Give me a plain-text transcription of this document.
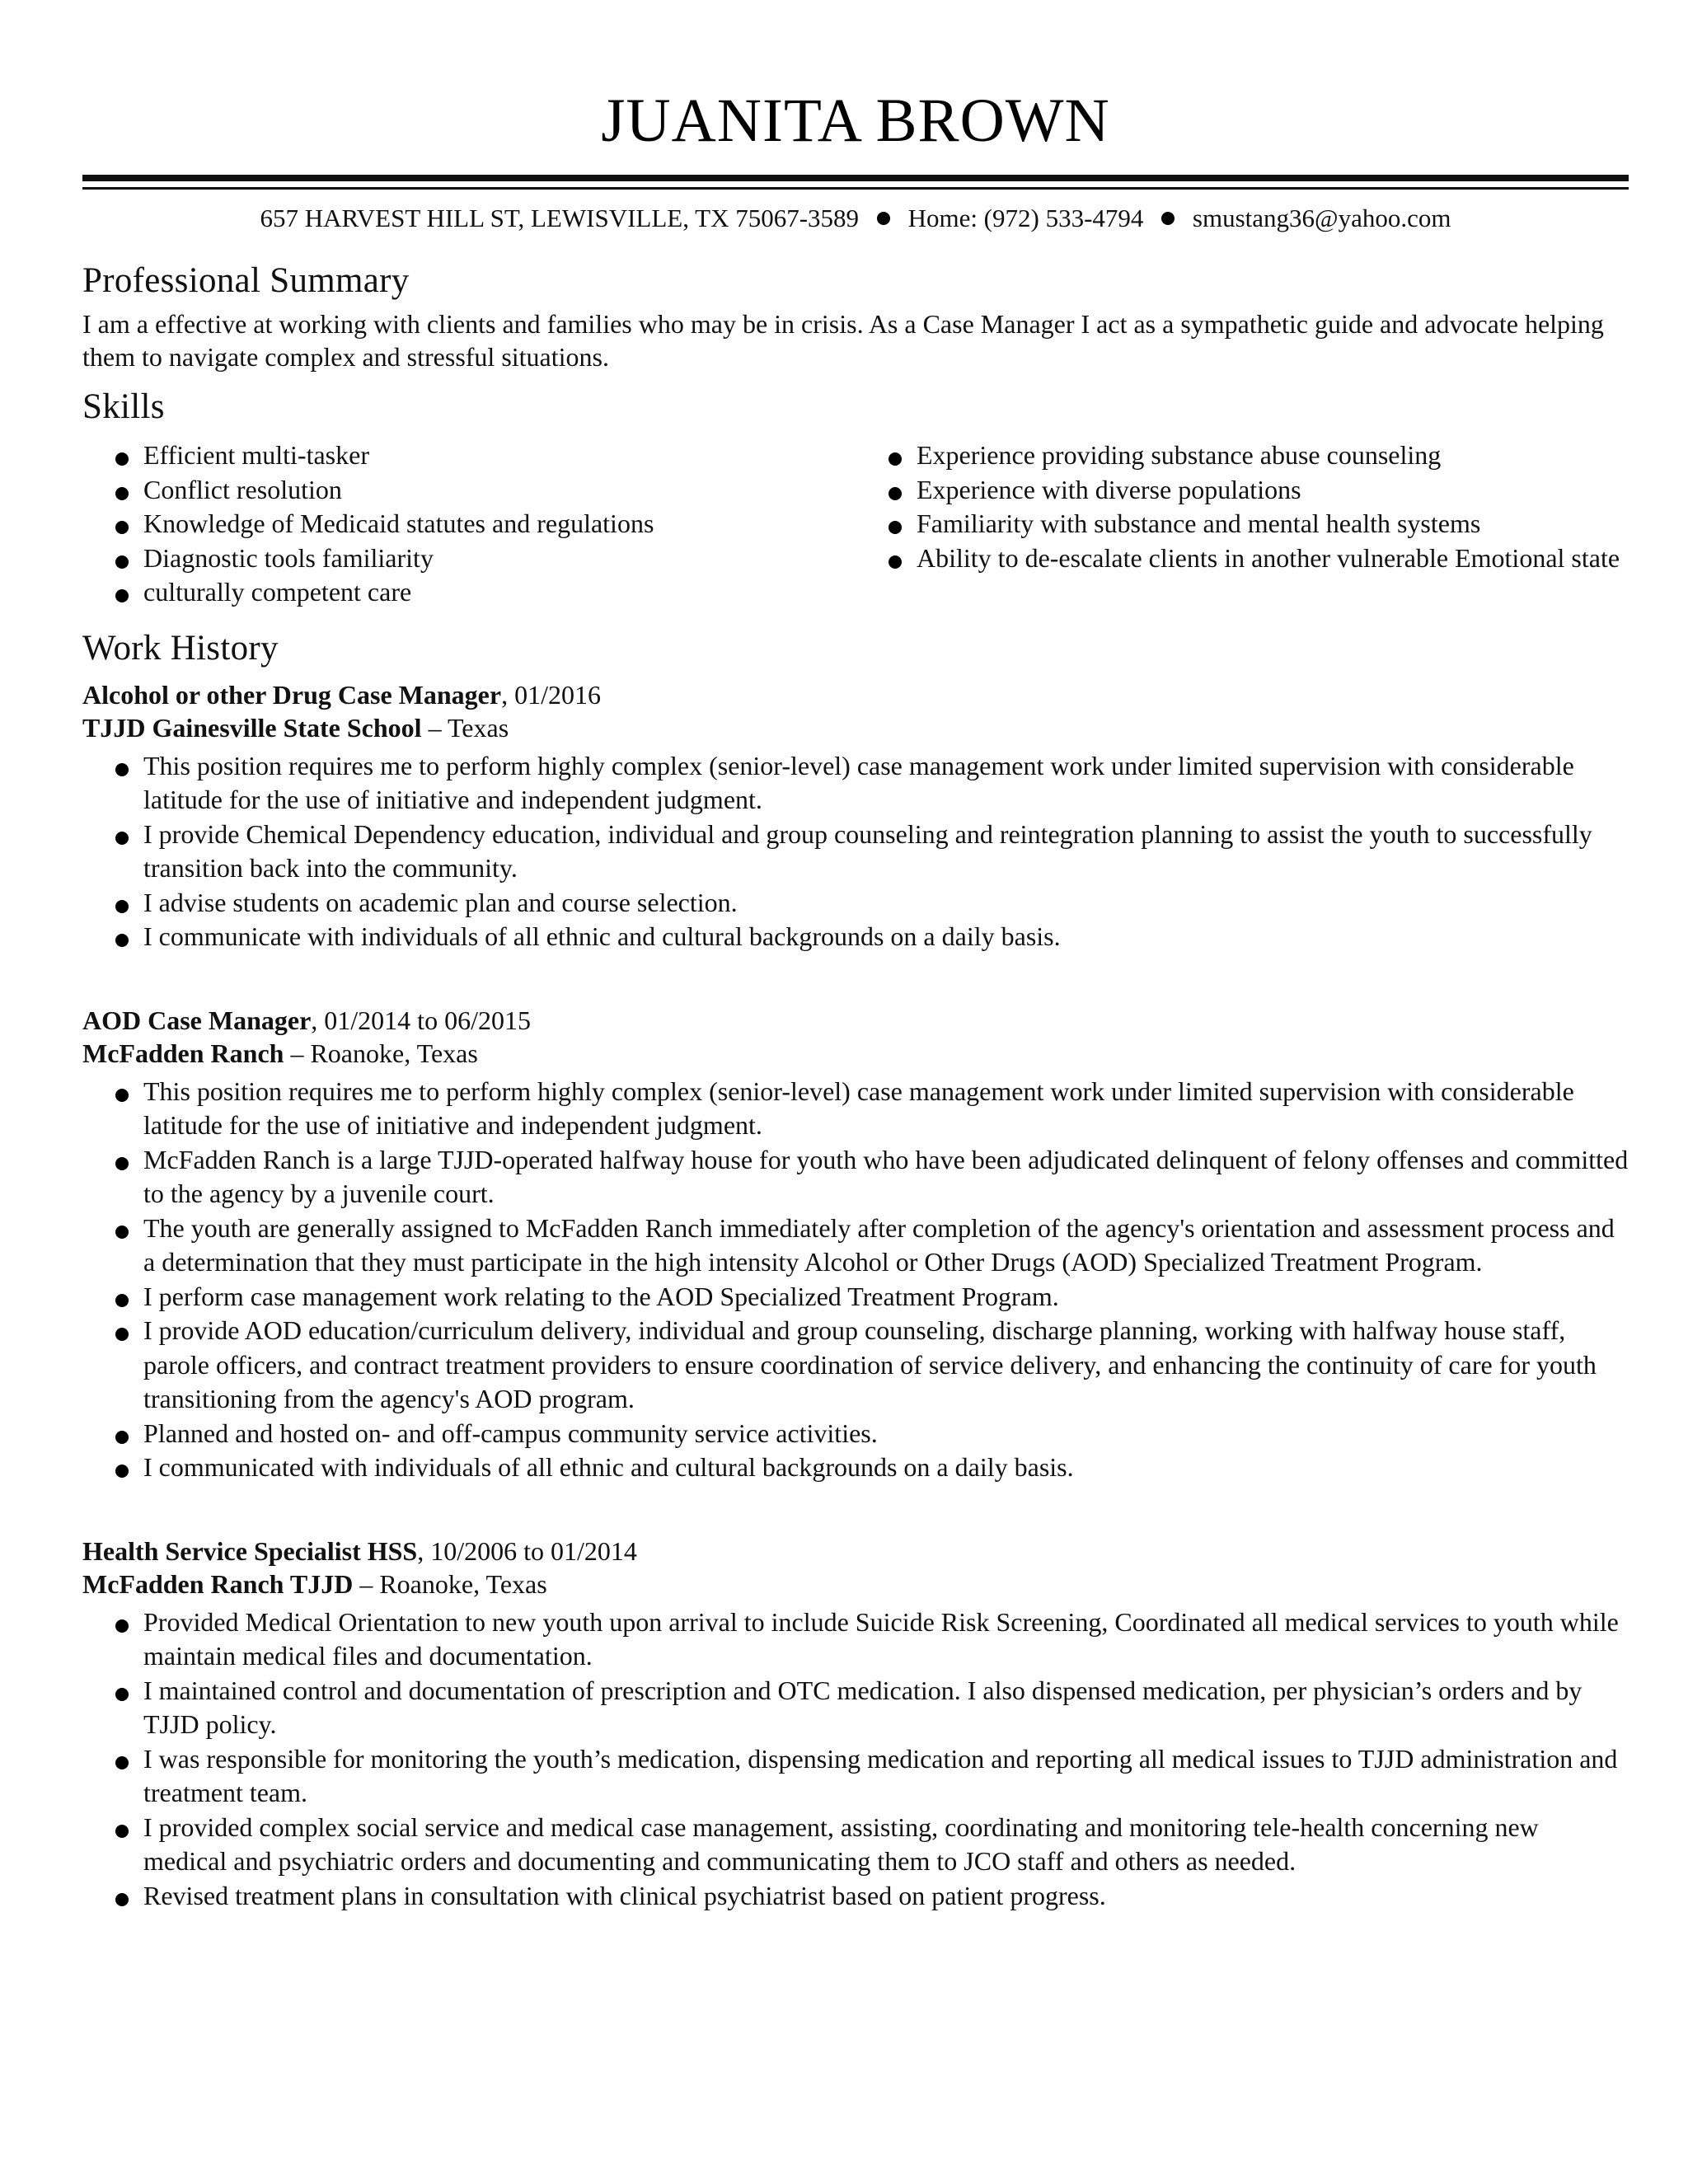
JUANITA BROWN
657 HARVEST HILL ST, LEWISVILLE, TX 75067-3589 Home: (972) 533-4794 smustang36@yahoo.com
Professional Summary

I am a effective at working with clients and families who may be in crisis. As a Case Manager I act as a sympathetic guide and advocate helping them to navigate complex and stressful situations.

Skills
Efficient multi-tasker
Conflict resolution
Knowledge of Medicaid statutes and regulations
Diagnostic tools familiarity
culturally competent care
Experience providing substance abuse counseling
Experience with diverse populations
Familiarity with substance and mental health systems
Ability to de-escalate clients in another vulnerable Emotional state
Work History
Alcohol or other Drug Case Manager, 01/2016
TJJD Gainesville State School – Texas
This position requires me to perform highly complex (senior-level) case management work under limited supervision with considerable latitude for the use of initiative and independent judgment.
I provide Chemical Dependency education, individual and group counseling and reintegration planning to assist the youth to successfully transition back into the community.
I advise students on academic plan and course selection.
I communicate with individuals of all ethnic and cultural backgrounds on a daily basis.
AOD Case Manager, 01/2014 to 06/2015
McFadden Ranch – Roanoke, Texas
This position requires me to perform highly complex (senior-level) case management work under limited supervision with considerable latitude for the use of initiative and independent judgment.
McFadden Ranch is a large TJJD-operated halfway house for youth who have been adjudicated delinquent of felony offenses and committed to the agency by a juvenile court.
The youth are generally assigned to McFadden Ranch immediately after completion of the agency's orientation and assessment process and a determination that they must participate in the high intensity Alcohol or Other Drugs (AOD) Specialized Treatment Program.
I perform case management work relating to the AOD Specialized Treatment Program.
I provide AOD education/curriculum delivery, individual and group counseling, discharge planning, working with halfway house staff, parole officers, and contract treatment providers to ensure coordination of service delivery, and enhancing the continuity of care for youth transitioning from the agency's AOD program.
Planned and hosted on- and off-campus community service activities.
I communicated with individuals of all ethnic and cultural backgrounds on a daily basis.
Health Service Specialist HSS, 10/2006 to 01/2014
McFadden Ranch TJJD – Roanoke, Texas
Provided Medical Orientation to new youth upon arrival to include Suicide Risk Screening, Coordinated all medical services to youth while maintain medical files and documentation.
I maintained control and documentation of prescription and OTC medication. I also dispensed medication, per physician’s orders and by TJJD policy.
I was responsible for monitoring the youth’s medication, dispensing medication and reporting all medical issues to TJJD administration and treatment team.
I provided complex social service and medical case management, assisting, coordinating and monitoring tele-health concerning new medical and psychiatric orders and documenting and communicating them to JCO staff and others as needed.
Revised treatment plans in consultation with clinical psychiatrist based on patient progress.
